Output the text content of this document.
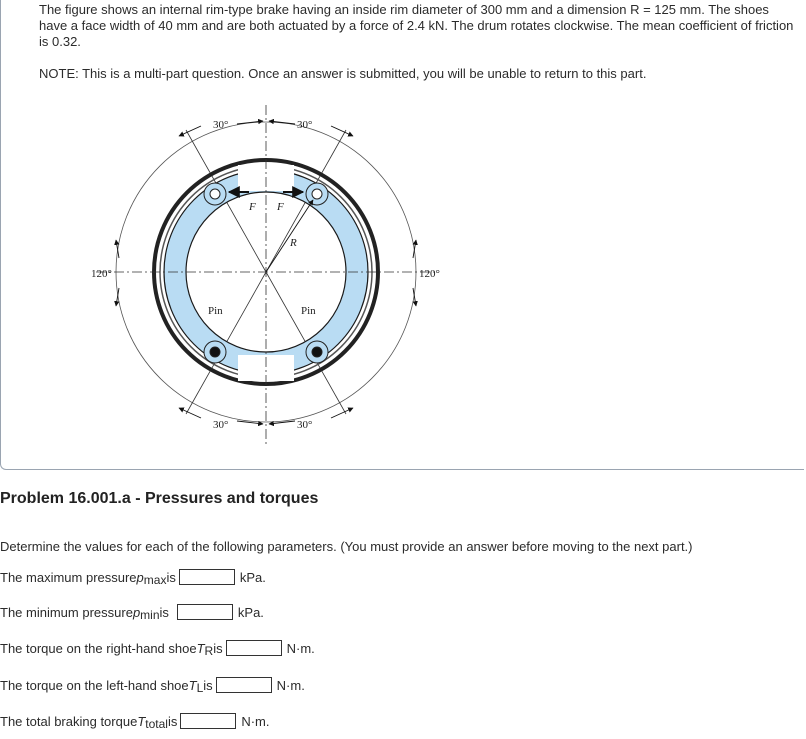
The figure shows an internal rim-type brake having an inside rim diameter of 300 mm and a dimension R = 125 mm. The shoes have a face width of 40 mm and are both actuated by a force of 2.4 kN. The drum rotates clockwise. The mean coefficient of friction is 0.32.
NOTE: This is a multi-part question. Once an answer is submitted, you will be unable to return to this part.
30°	30°
30°	30°
120°	120°
F F
R
Pin	Pin
Problem 16.001.a - Pressures and torques
Determine the values for each of the following parameters. (You must provide an answer before moving to the next part.)
The maximum pressure $p_{max}$ is	kPa.
The minimum pressure $p_{min}$ is	kPa.
The torque on the right-hand shoe $T_R$ is	N·m.
The torque on the left-hand shoe $T_L$ is	N·m.
The total braking torque $T_{total}$ is	N·m.
